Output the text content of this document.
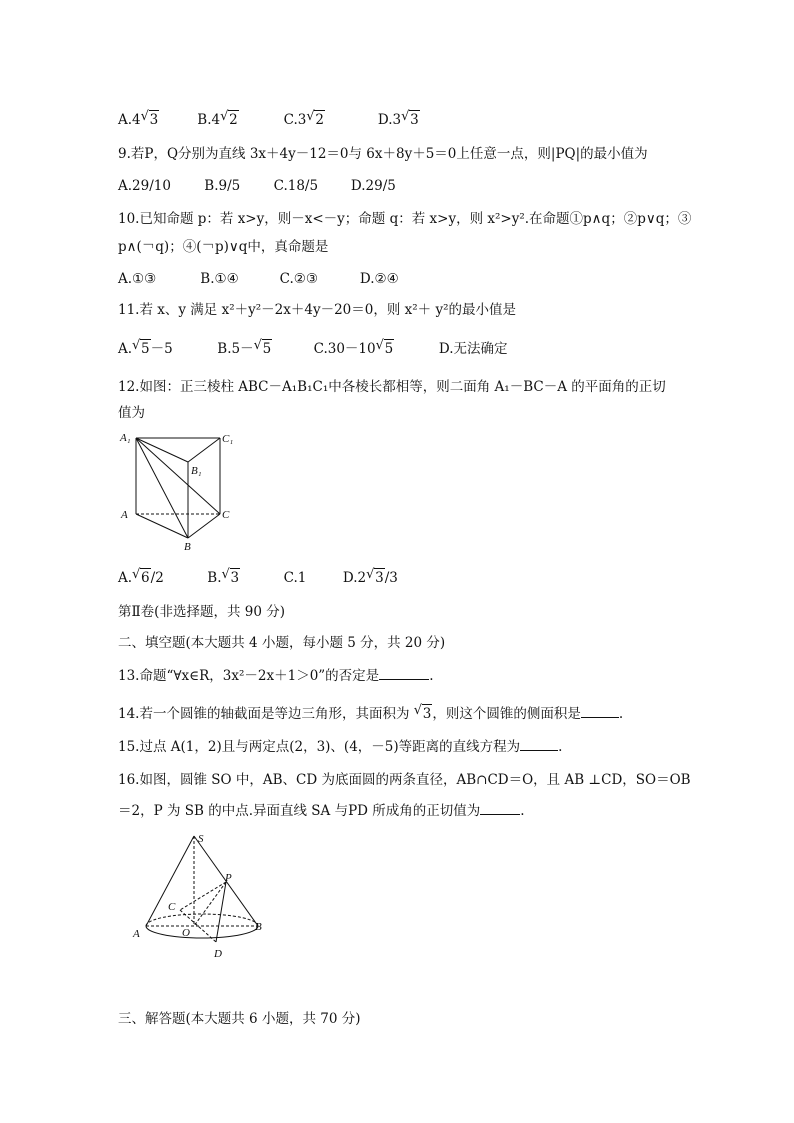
A.4 √ 3	B.4 √ 2	C.3 √ 2	D.3 √ 3
9.若P，Q分别为直线 3x＋4y－12＝0与 6x＋8y＋5＝0上任意一点，则|PQ|的最小值为
A.29/10 B.9/5 C.18/5 D.29/5
10.已知命题 p：若 x>y，则－x<－y；命题 q：若 x>y，则 x²>y².在命题①p∧q；②p∨q；③
p∧(￢q)；④(￢p)∨q中，真命题是
A.①③	B.①④	C.②③	D.②④
11.若 x、y 满足 x²＋y²－2x＋4y－20＝0，则 x²＋ y²的最小值是
A.√ 5－5	B.5－ √ 5	C.30－10 √ 5	D.无法确定
12.如图：正三棱柱 ABC－A₁B₁C₁中各棱长都相等，则二面角 A₁－BC－A 的平面角的正切
值为
A₁	C₁
B₁
A	C
B
A.√ 6/2	B.√ 3	C.1	D.2 √ 3/3
第Ⅱ卷(非选择题，共 90 分)
二、填空题(本大题共 4 小题，每小题 5 分，共 20 分)
13.命题“∀x∈R，3x²－2x＋1＞0”的否定是	.
14.若一个圆锥的轴截面是等边三角形，其面积为 √ 3，则这个圆锥的侧面积是	.
15.过点 A(1，2)且与两定点(2，3)、(4，－5)等距离的直线方程为	.
16.如图，圆锥 SO 中，AB、CD 为底面圆的两条直径，AB∩CD＝O，且 AB ⊥CD，SO＝OB
＝2，P 为 SB 的中点.异面直线 SA 与PD 所成角的正切值为	.
S
P
C
O
A
B
D
三、解答题(本大题共 6 小题，共 70 分)
